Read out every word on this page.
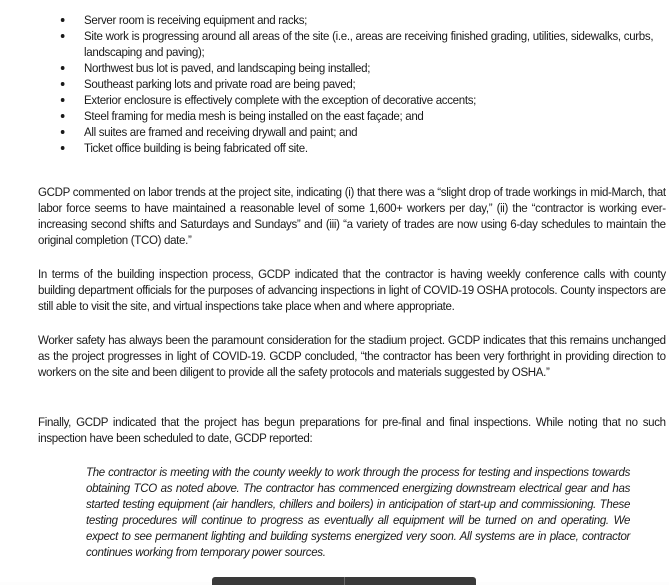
Server room is receiving equipment and racks;
Site work is progressing around all areas of the site (i.e., areas are receiving finished grading, utilities, sidewalks, curbs, landscaping and paving);
Northwest bus lot is paved, and landscaping being installed;
Southeast parking lots and private road are being paved;
Exterior enclosure is effectively complete with the exception of decorative accents;
Steel framing for media mesh is being installed on the east façade; and
All suites are framed and receiving drywall and paint; and
Ticket office building is being fabricated off site.

GCDP commented on labor trends at the project site, indicating (i) that there was a “slight drop of trade workings in mid-March, that labor force seems to have maintained a reasonable level of some 1,600+ workers per day,” (ii) the “contractor is working ever-increasing second shifts and Saturdays and Sundays” and (iii) “a variety of trades are now using 6-day schedules to maintain the original completion (TCO) date.”

In terms of the building inspection process, GCDP indicated that the contractor is having weekly conference calls with county building department officials for the purposes of advancing inspections in light of COVID-19 OSHA protocols. County inspectors are still able to visit the site, and virtual inspections take place when and where appropriate.

Worker safety has always been the paramount consideration for the stadium project. GCDP indicates that this remains unchanged as the project progresses in light of COVID-19. GCDP concluded, “the contractor has been very forthright in providing direction to workers on the site and been diligent to provide all the safety protocols and materials suggested by OSHA.”

Finally, GCDP indicated that the project has begun preparations for pre-final and final inspections. While noting that no such inspection have been scheduled to date, GCDP reported:

The contractor is meeting with the county weekly to work through the process for testing and inspections towards obtaining TCO as noted above. The contractor has commenced energizing downstream electrical gear and has started testing equipment (air handlers, chillers and boilers) in anticipation of start-up and commissioning. These testing procedures will continue to progress as eventually all equipment will be turned on and operating. We expect to see permanent lighting and building systems energized very soon. All systems are in place, contractor continues working from temporary power sources.
